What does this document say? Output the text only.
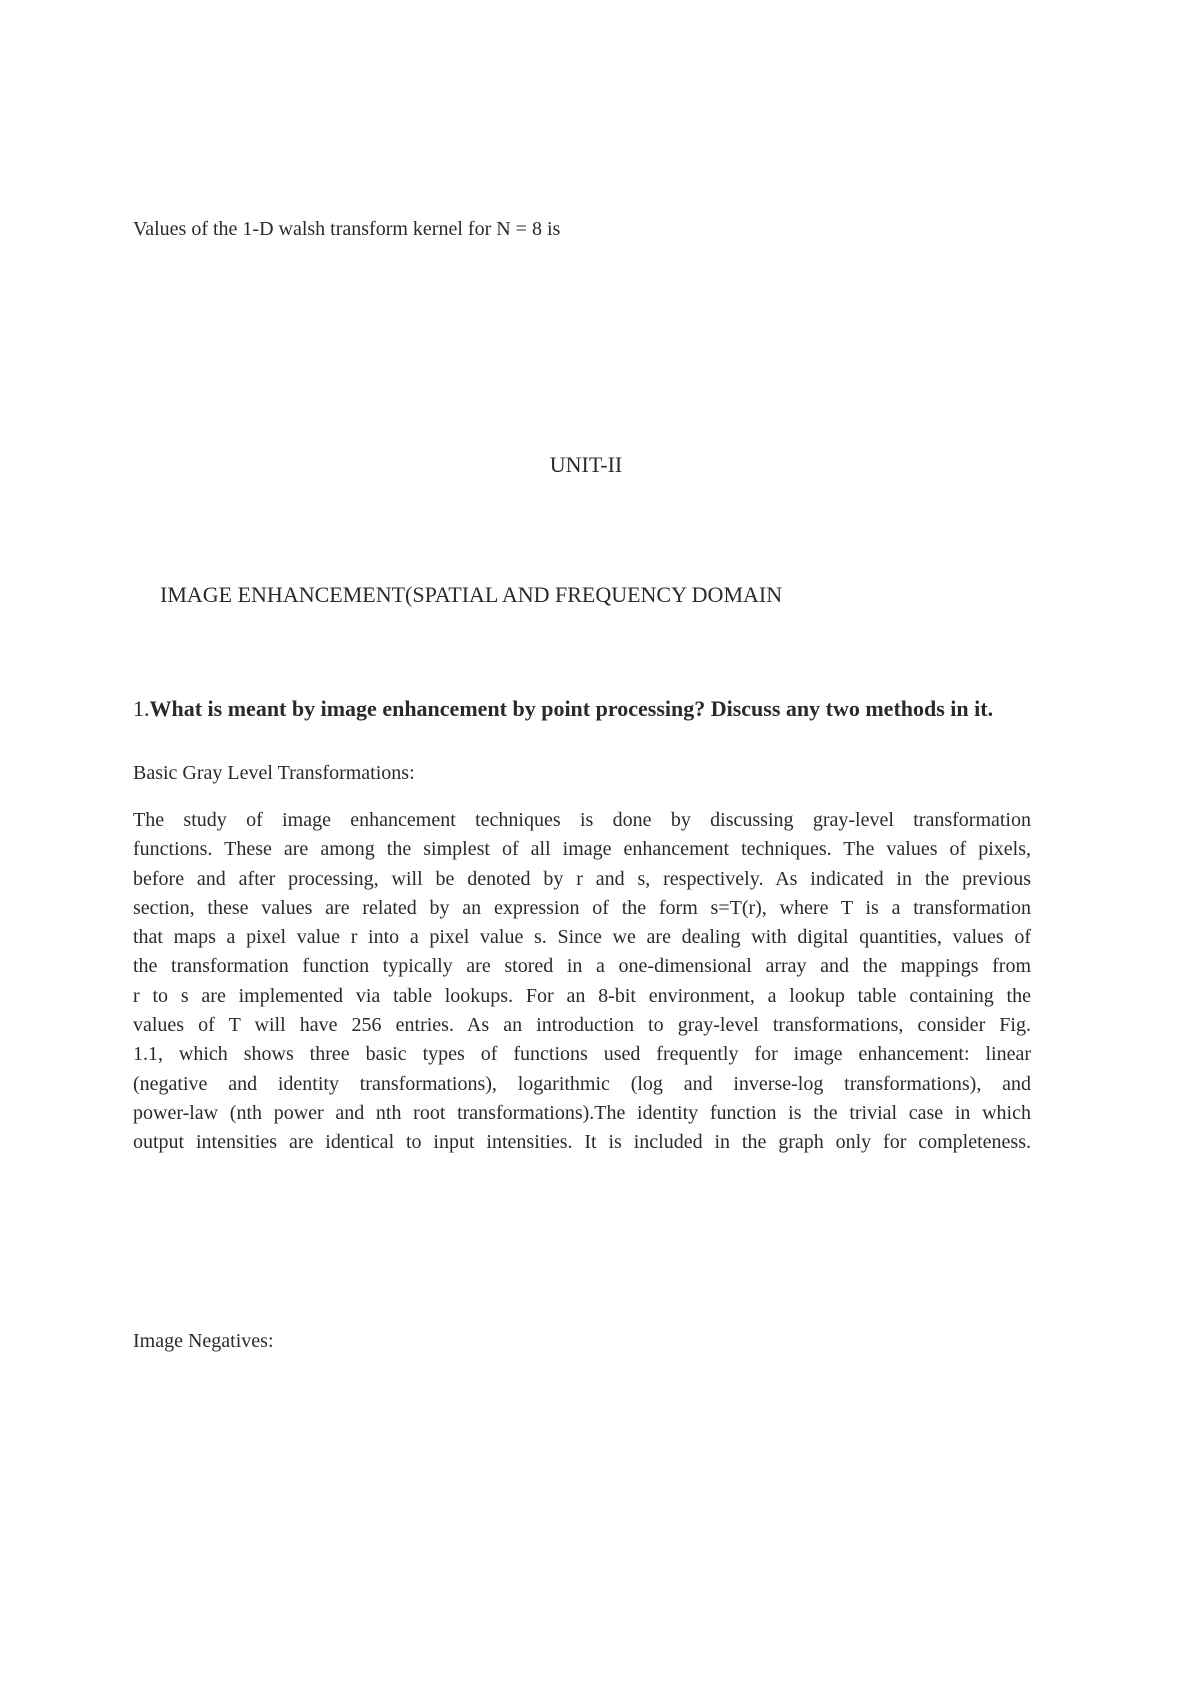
Values of the 1-D walsh transform kernel for N = 8 is

UNIT-II
IMAGE ENHANCEMENT(SPATIAL AND FREQUENCY DOMAIN

1.What is meant by image enhancement by point processing? Discuss any two methods in it.

Basic Gray Level Transformations:

The study of image enhancement techniques is done by discussing gray-level transformation
functions. These are among the simplest of all image enhancement techniques. The values of pixels,
before and after processing, will be denoted by r and s, respectively. As indicated in the previous
section, these values are related by an expression of the form s=T(r), where T is a transformation
that maps a pixel value r into a pixel value s. Since we are dealing with digital quantities, values of
the transformation function typically are stored in a one-dimensional array and the mappings from
r to s are implemented via table lookups. For an 8-bit environment, a lookup table containing the
values of T will have 256 entries. As an introduction to gray-level transformations, consider Fig.
1.1, which shows three basic types of functions used frequently for image enhancement: linear
(negative and identity transformations), logarithmic (log and inverse-log transformations), and
power-law (nth power and nth root transformations).The identity function is the trivial case in which
output intensities are identical to input intensities. It is included in the graph only for completeness.

Image Negatives:
